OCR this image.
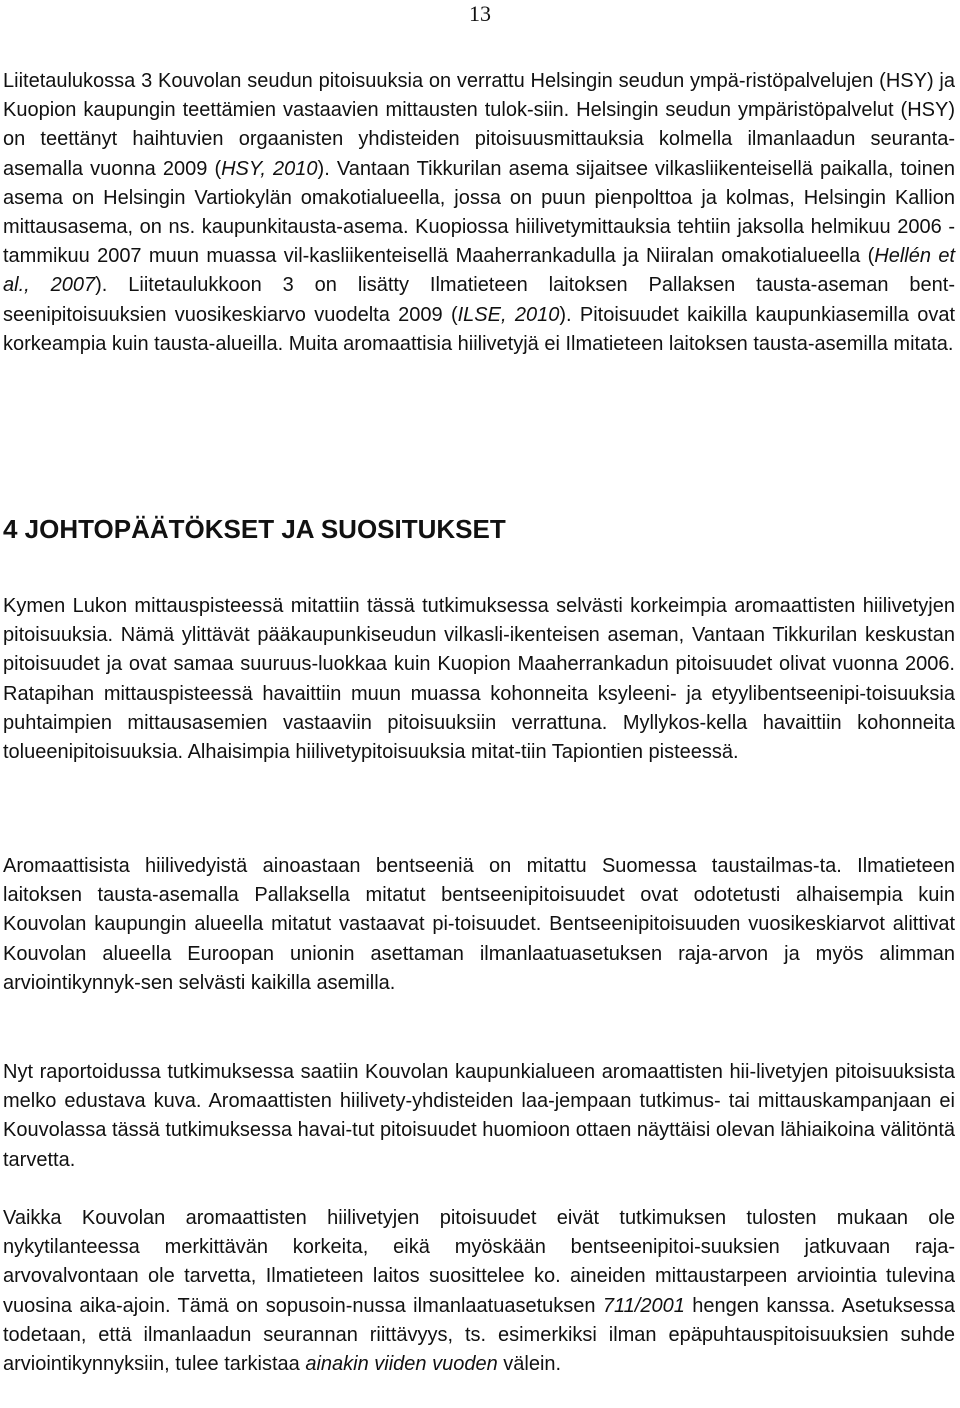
13

Liitetaulukossa 3 Kouvolan seudun pitoisuuksia on verrattu Helsingin seudun ympä-ristöpalvelujen (HSY) ja Kuopion kaupungin teettämien vastaavien mittausten tulok-siin. Helsingin seudun ympäristöpalvelut (HSY) on teettänyt haihtuvien orgaanisten yhdisteiden pitoisuusmittauksia kolmella ilmanlaadun seuranta-asemalla vuonna 2009 (HSY, 2010). Vantaan Tikkurilan asema sijaitsee vilkasliikenteisellä paikalla, toinen asema on Helsingin Vartiokylän omakotialueella, jossa on puun pienpolttoa ja kolmas, Helsingin Kallion mittausasema, on ns. kaupunkitausta-asema. Kuopiossa hiilivetymittauksia tehtiin jaksolla helmikuu 2006 - tammikuu 2007 muun muassa vil-kasliikenteisellä Maaherrankadulla ja Niiralan omakotialueella (Hellén et al., 2007). Liitetaulukkoon 3 on lisätty Ilmatieteen laitoksen Pallaksen tausta-aseman bent-seenipitoisuuksien vuosikeskiarvo vuodelta 2009 (ILSE, 2010). Pitoisuudet kaikilla kaupunkiasemilla ovat korkeampia kuin tausta-alueilla. Muita aromaattisia hiilivetyjä ei Ilmatieteen laitoksen tausta-asemilla mitata.

4 JOHTOPÄÄTÖKSET JA SUOSITUKSET

Kymen Lukon mittauspisteessä mitattiin tässä tutkimuksessa selvästi korkeimpia aromaattisten hiilivetyjen pitoisuuksia. Nämä ylittävät pääkaupunkiseudun vilkasli-ikenteisen aseman, Vantaan Tikkurilan keskustan pitoisuudet ja ovat samaa suuruus-luokkaa kuin Kuopion Maaherrankadun pitoisuudet olivat vuonna 2006. Ratapihan mittauspisteessä havaittiin muun muassa kohonneita ksyleeni- ja etyylibentseenipi-toisuuksia puhtaimpien mittausasemien vastaaviin pitoisuuksiin verrattuna. Myllykos-kella havaittiin kohonneita tolueenipitoisuuksia. Alhaisimpia hiilivetypitoisuuksia mitat-tiin Tapiontien pisteessä.

Aromaattisista hiilivedyistä ainoastaan bentseeniä on mitattu Suomessa taustailmas-ta. Ilmatieteen laitoksen tausta-asemalla Pallaksella mitatut bentseenipitoisuudet ovat odotetusti alhaisempia kuin Kouvolan kaupungin alueella mitatut vastaavat pi-toisuudet. Bentseenipitoisuuden vuosikeskiarvot alittivat Kouvolan alueella Euroopan unionin asettaman ilmanlaatuasetuksen raja-arvon ja myös alimman arviointikynnyk-sen selvästi kaikilla asemilla.

Nyt raportoidussa tutkimuksessa saatiin Kouvolan kaupunkialueen aromaattisten hii-livetyjen pitoisuuksista melko edustava kuva. Aromaattisten hiilivety-yhdisteiden laa-jempaan tutkimus- tai mittauskampanjaan ei Kouvolassa tässä tutkimuksessa havai-tut pitoisuudet huomioon ottaen näyttäisi olevan lähiaikoina välitöntä tarvetta.

Vaikka Kouvolan aromaattisten hiilivetyjen pitoisuudet eivät tutkimuksen tulosten mukaan ole nykytilanteessa merkittävän korkeita, eikä myöskään bentseenipitoi-suuksien jatkuvaan raja-arvovalvontaan ole tarvetta, Ilmatieteen laitos suosittelee ko. aineiden mittaustarpeen arviointia tulevina vuosina aika-ajoin. Tämä on sopusoin-nussa ilmanlaatuasetuksen 711/2001 hengen kanssa. Asetuksessa todetaan, että ilmanlaadun seurannan riittävyys, ts. esimerkiksi ilman epäpuhtauspitoisuuksien suhde arviointikynnyksiin, tulee tarkistaa ainakin viiden vuoden välein.
